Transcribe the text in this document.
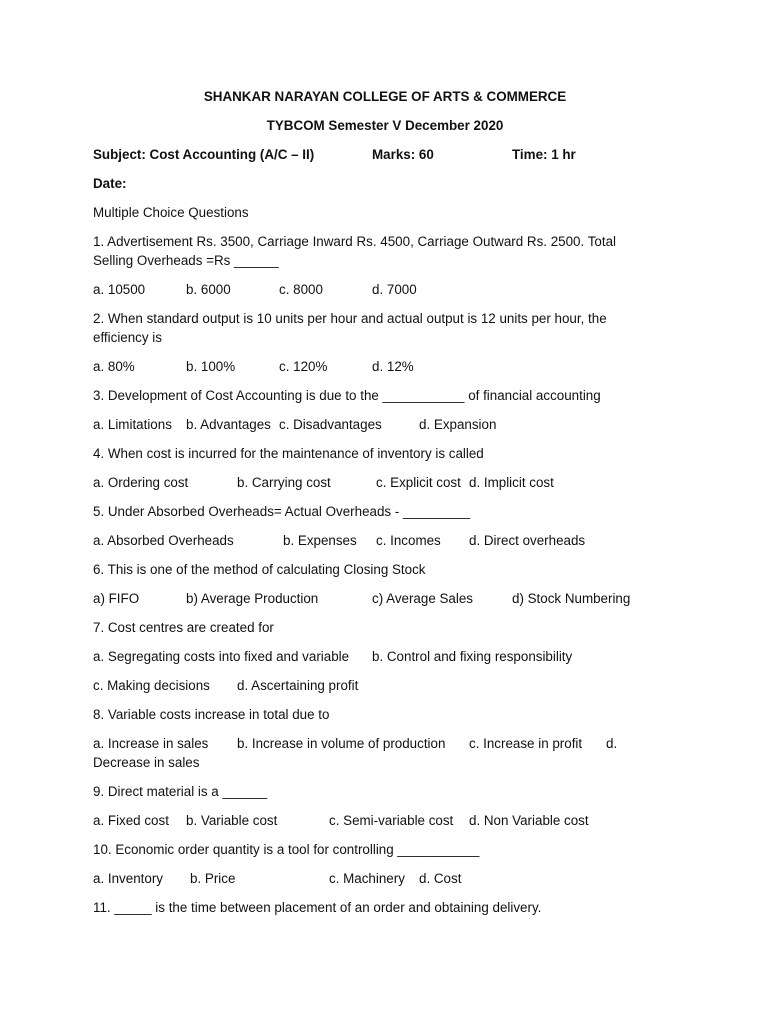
SHANKAR NARAYAN COLLEGE OF ARTS & COMMERCE
TYBCOM Semester V December 2020
Subject: Cost Accounting (A/C – II)	Marks: 60	Time: 1 hr
Date:
Multiple Choice Questions
1. Advertisement Rs. 3500, Carriage Inward Rs. 4500, Carriage Outward Rs. 2500. Total
Selling Overheads =Rs ______
a. 10500	b. 6000	c. 8000	d. 7000
2. When standard output is 10 units per hour and actual output is 12 units per hour, the
efficiency is
a. 80%	b. 100%	c. 120%	d. 12%
3. Development of Cost Accounting is due to the ___________ of financial accounting
a. Limitations b. Advantages c. Disadvantages	d. Expansion
4. When cost is incurred for the maintenance of inventory is called
a. Ordering cost	b. Carrying cost	c. Explicit cost d. Implicit cost
5. Under Absorbed Overheads= Actual Overheads - _________
a. Absorbed Overheads	b. Expenses c. Incomes d. Direct overheads
6. This is one of the method of calculating Closing Stock
a) FIFO	b) Average Production	c) Average Sales	d) Stock Numbering
7. Cost centres are created for
a. Segregating costs into fixed and variable b. Control and fixing responsibility
c. Making decisions d. Ascertaining profit
8. Variable costs increase in total due to
a. Increase in sales b. Increase in volume of production c. Increase in profit d.
Decrease in sales
9. Direct material is a ______
a. Fixed cost b. Variable cost	c. Semi-variable cost d. Non Variable cost
10. Economic order quantity is a tool for controlling ___________
a. Inventory b. Price	c. Machinery d. Cost
11. _____ is the time between placement of an order and obtaining delivery.
